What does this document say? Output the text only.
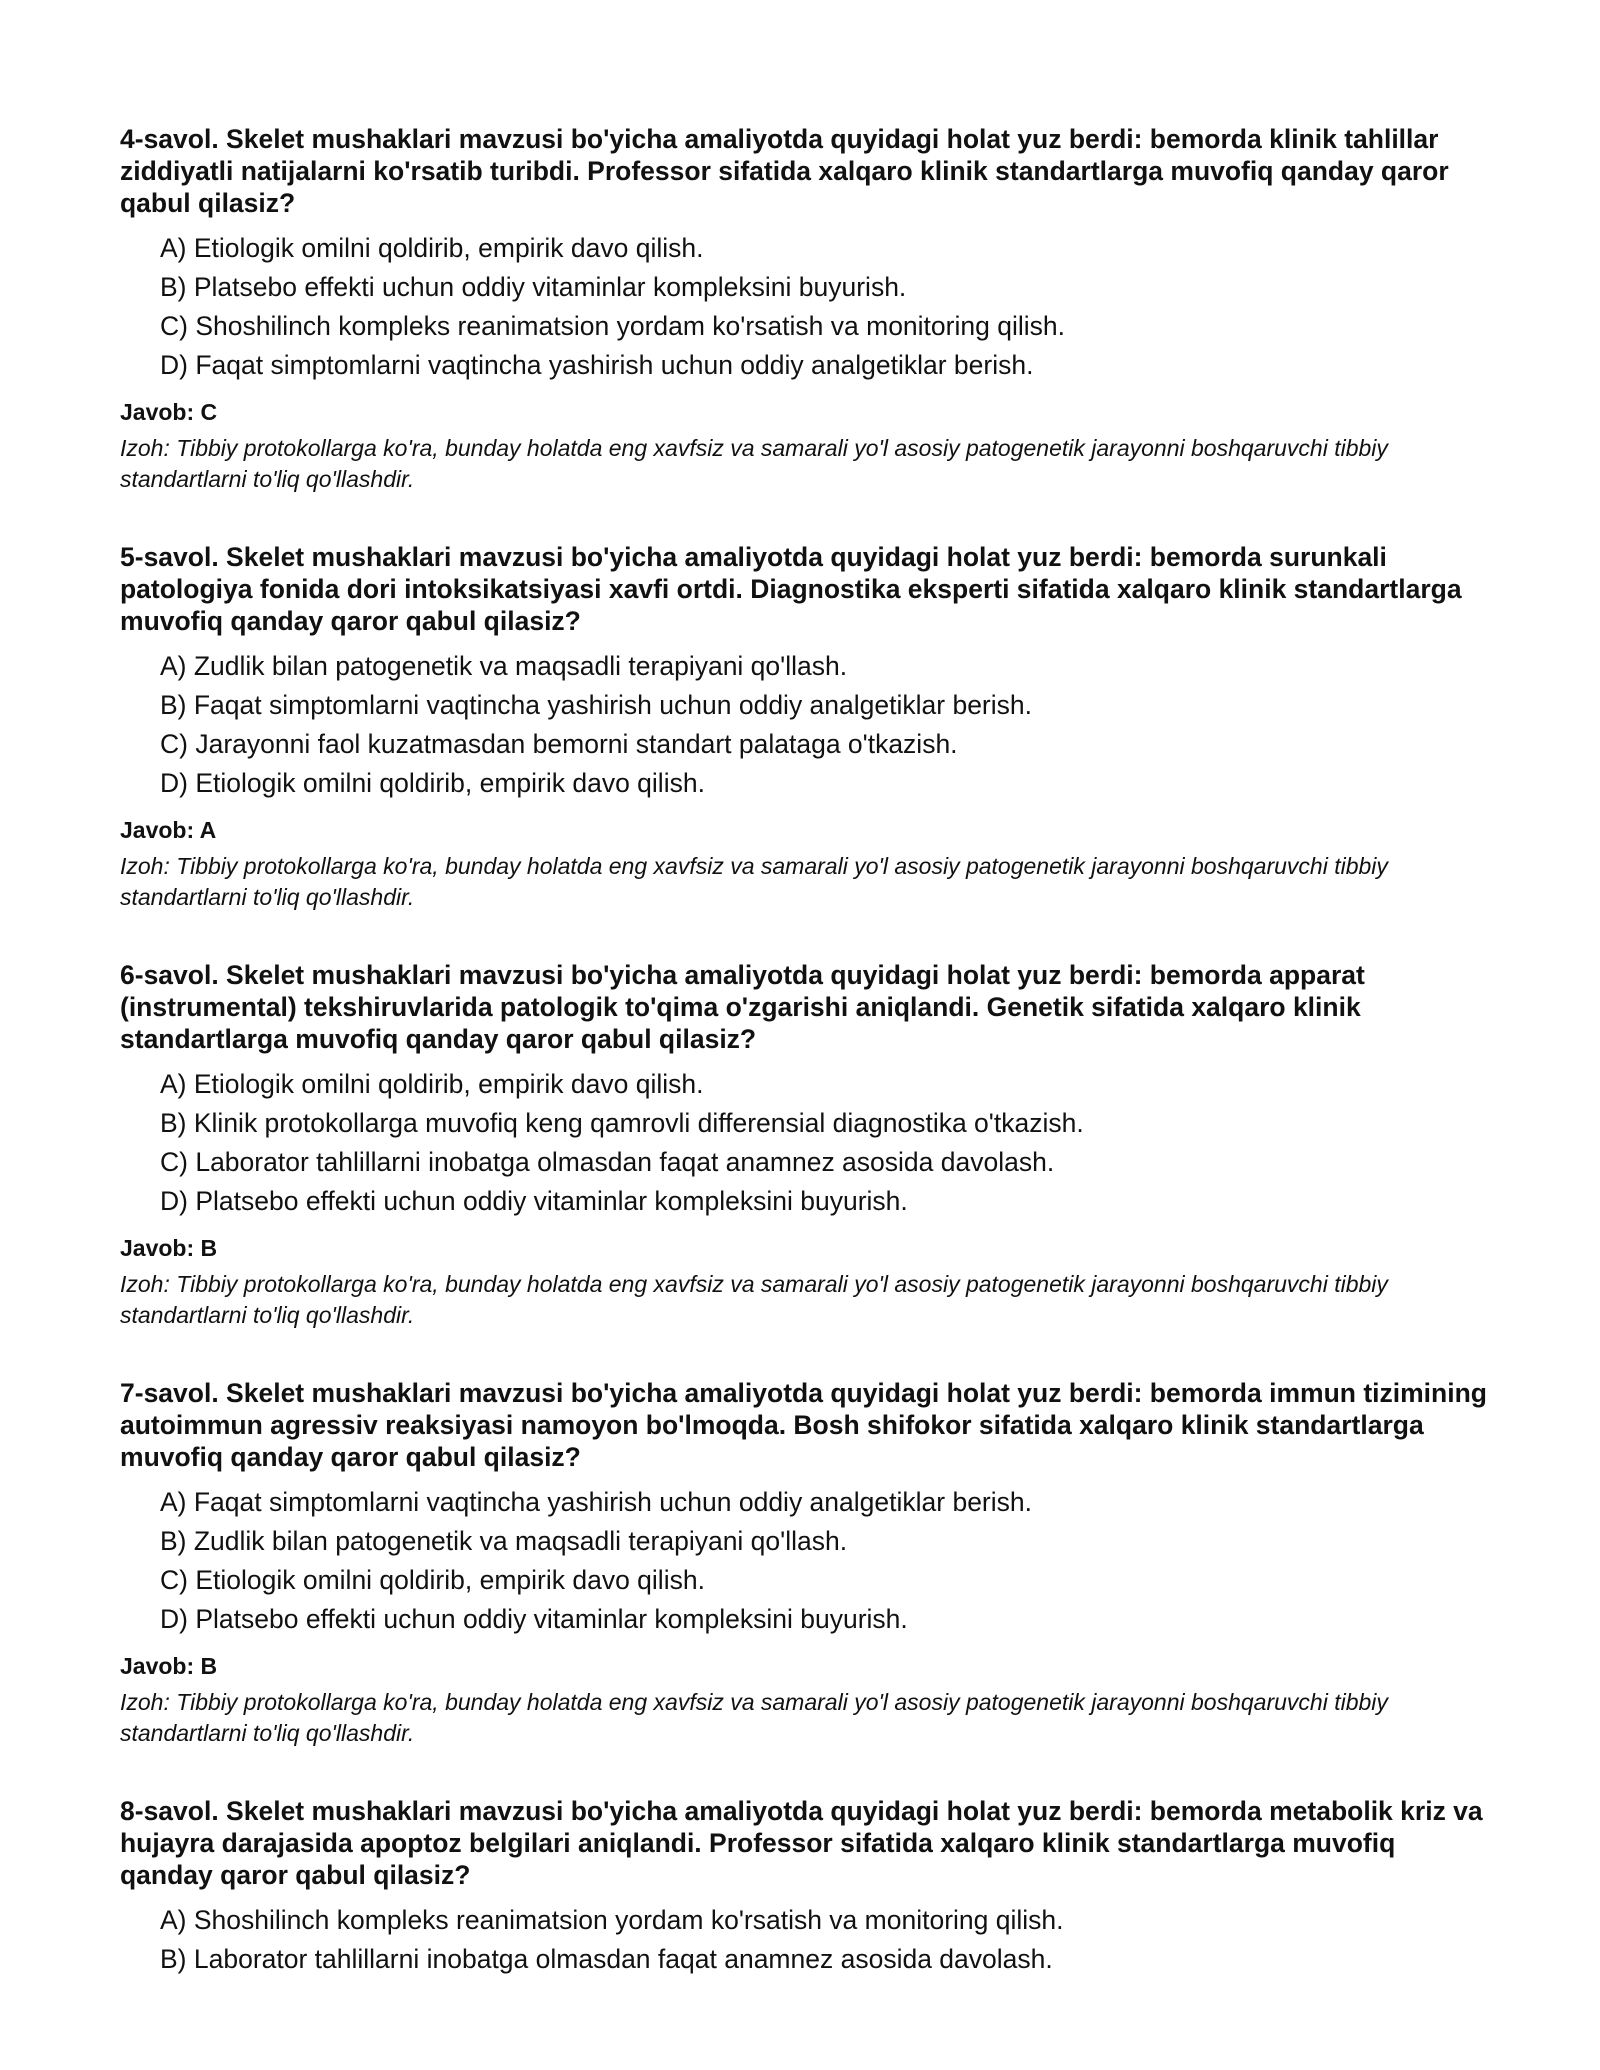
4-savol. Skelet mushaklari mavzusi bo'yicha amaliyotda quyidagi holat yuz berdi: bemorda klinik tahlillar ziddiyatli natijalarni ko'rsatib turibdi. Professor sifatida xalqaro klinik standartlarga muvofiq qanday qaror qabul qilasiz?

A) Etiologik omilni qoldirib, empirik davo qilish.
B) Platsebo effekti uchun oddiy vitaminlar kompleksini buyurish.
C) Shoshilinch kompleks reanimatsion yordam ko'rsatish va monitoring qilish.
D) Faqat simptomlarni vaqtincha yashirish uchun oddiy analgetiklar berish.

Javob: C

Izoh: Tibbiy protokollarga ko'ra, bunday holatda eng xavfsiz va samarali yo'l asosiy patogenetik jarayonni boshqaruvchi tibbiy standartlarni to'liq qo'llashdir.

5-savol. Skelet mushaklari mavzusi bo'yicha amaliyotda quyidagi holat yuz berdi: bemorda surunkali patologiya fonida dori intoksikatsiyasi xavfi ortdi. Diagnostika eksperti sifatida xalqaro klinik standartlarga muvofiq qanday qaror qabul qilasiz?

A) Zudlik bilan patogenetik va maqsadli terapiyani qo'llash.
B) Faqat simptomlarni vaqtincha yashirish uchun oddiy analgetiklar berish.
C) Jarayonni faol kuzatmasdan bemorni standart palataga o'tkazish.
D) Etiologik omilni qoldirib, empirik davo qilish.

Javob: A

Izoh: Tibbiy protokollarga ko'ra, bunday holatda eng xavfsiz va samarali yo'l asosiy patogenetik jarayonni boshqaruvchi tibbiy standartlarni to'liq qo'llashdir.

6-savol. Skelet mushaklari mavzusi bo'yicha amaliyotda quyidagi holat yuz berdi: bemorda apparat (instrumental) tekshiruvlarida patologik to'qima o'zgarishi aniqlandi. Genetik sifatida xalqaro klinik standartlarga muvofiq qanday qaror qabul qilasiz?

A) Etiologik omilni qoldirib, empirik davo qilish.
B) Klinik protokollarga muvofiq keng qamrovli differensial diagnostika o'tkazish.
C) Laborator tahlillarni inobatga olmasdan faqat anamnez asosida davolash.
D) Platsebo effekti uchun oddiy vitaminlar kompleksini buyurish.

Javob: B

Izoh: Tibbiy protokollarga ko'ra, bunday holatda eng xavfsiz va samarali yo'l asosiy patogenetik jarayonni boshqaruvchi tibbiy standartlarni to'liq qo'llashdir.

7-savol. Skelet mushaklari mavzusi bo'yicha amaliyotda quyidagi holat yuz berdi: bemorda immun tizimining autoimmun agressiv reaksiyasi namoyon bo'lmoqda. Bosh shifokor sifatida xalqaro klinik standartlarga muvofiq qanday qaror qabul qilasiz?

A) Faqat simptomlarni vaqtincha yashirish uchun oddiy analgetiklar berish.
B) Zudlik bilan patogenetik va maqsadli terapiyani qo'llash.
C) Etiologik omilni qoldirib, empirik davo qilish.
D) Platsebo effekti uchun oddiy vitaminlar kompleksini buyurish.

Javob: B

Izoh: Tibbiy protokollarga ko'ra, bunday holatda eng xavfsiz va samarali yo'l asosiy patogenetik jarayonni boshqaruvchi tibbiy standartlarni to'liq qo'llashdir.

8-savol. Skelet mushaklari mavzusi bo'yicha amaliyotda quyidagi holat yuz berdi: bemorda metabolik kriz va hujayra darajasida apoptoz belgilari aniqlandi. Professor sifatida xalqaro klinik standartlarga muvofiq qanday qaror qabul qilasiz?

A) Shoshilinch kompleks reanimatsion yordam ko'rsatish va monitoring qilish.
B) Laborator tahlillarni inobatga olmasdan faqat anamnez asosida davolash.
